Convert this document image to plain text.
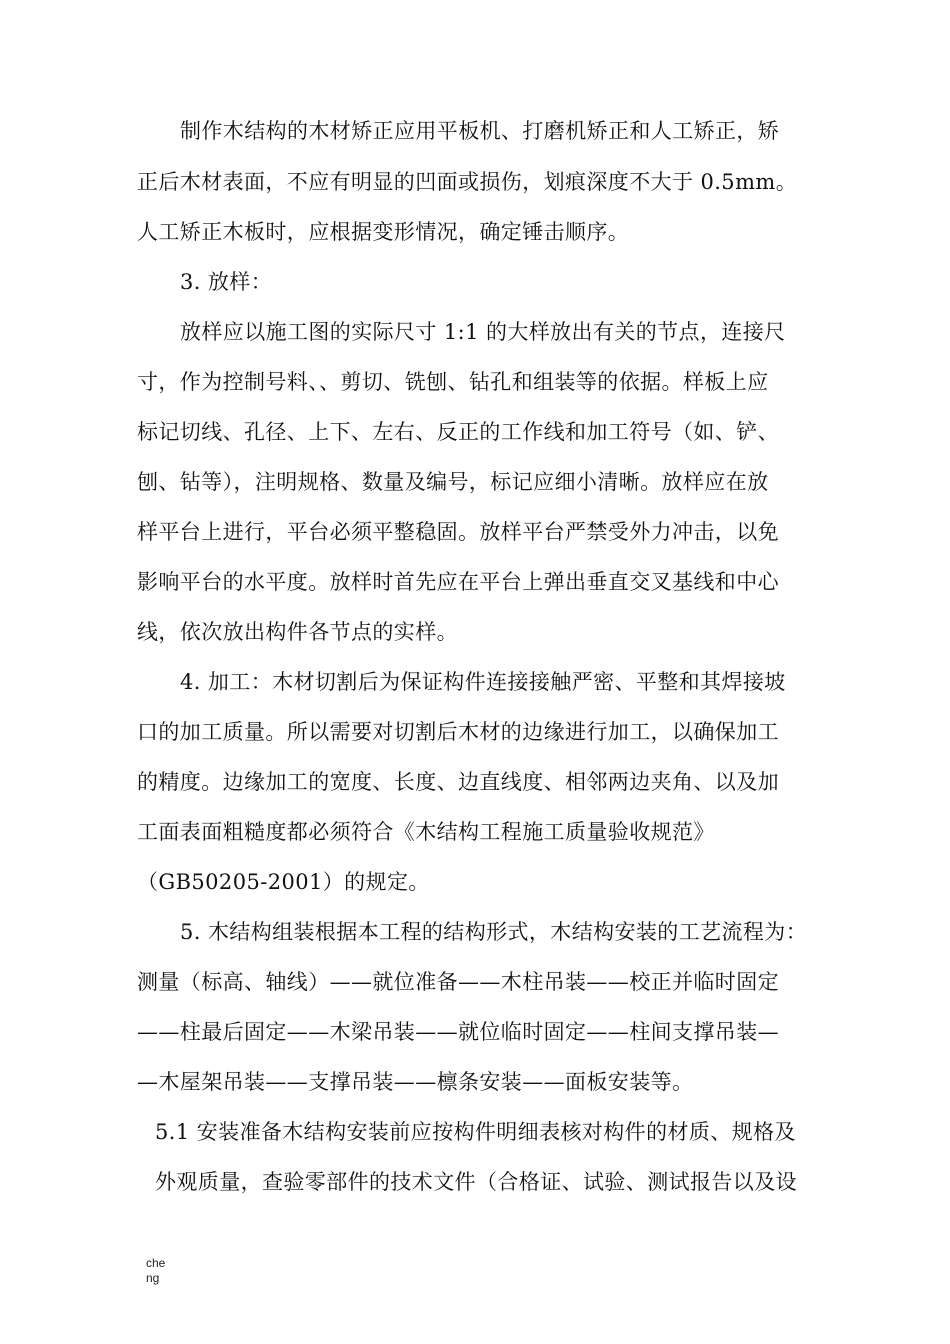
制作木结构的木材矫正应用平板机、打磨机矫正和人工矫正，矫
正后木材表面，不应有明显的凹面或损伤，划痕深度不大于 0.5mm。
人工矫正木板时，应根据变形情况，确定锤击顺序。
3. 放样：
放样应以施工图的实际尺寸 1:1 的大样放出有关的节点，连接尺
寸，作为控制号料、、剪切、铣刨、钻孔和组装等的依据。样板上应
标记切线、孔径、上下、左右、反正的工作线和加工符号（如、铲、
刨、钻等），注明规格、数量及编号，标记应细小清晰。放样应在放
样平台上进行，平台必须平整稳固。放样平台严禁受外力冲击，以免
影响平台的水平度。放样时首先应在平台上弹出垂直交叉基线和中心
线，依次放出构件各节点的实样。
4. 加工：木材切割后为保证构件连接接触严密、平整和其焊接坡
口的加工质量。所以需要对切割后木材的边缘进行加工，以确保加工
的精度。边缘加工的宽度、长度、边直线度、相邻两边夹角、以及加
工面表面粗糙度都必须符合《木结构工程施工质量验收规范》
（GB50205-2001）的规定。
5. 木结构组装根据本工程的结构形式，木结构安装的工艺流程为：
测量（标高、轴线）——就位准备——木柱吊装——校正并临时固定
——柱最后固定——木梁吊装——就位临时固定——柱间支撑吊装—
—木屋架吊装——支撑吊装——檩条安装——面板安装等。
5.1 安装准备木结构安装前应按构件明细表核对构件的材质、规格及
外观质量，查验零部件的技术文件（合格证、试验、测试报告以及设
che
ng
